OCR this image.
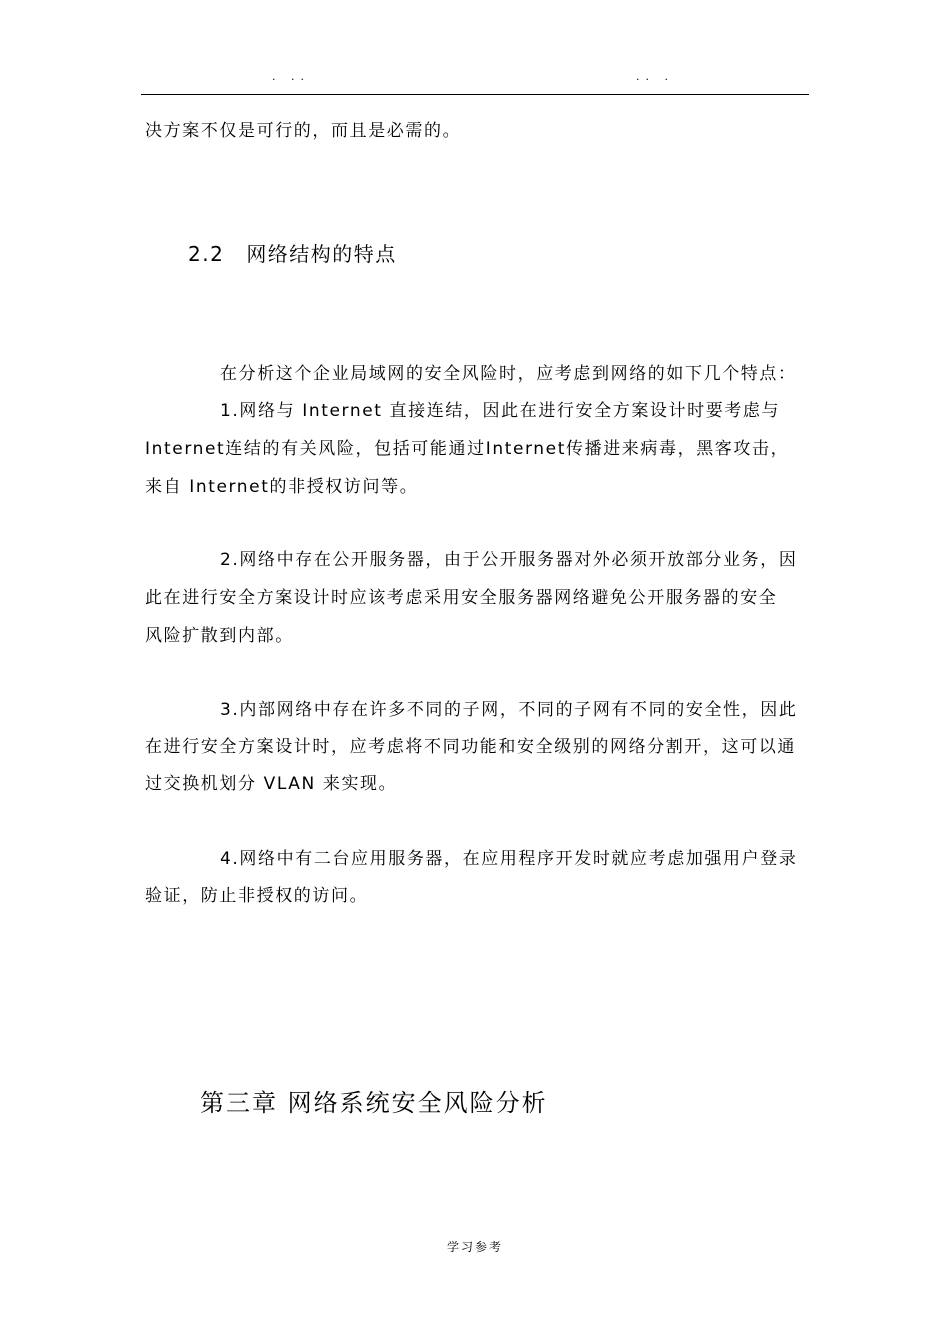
. ..	.. .
决方案不仅是可行的，而且是必需的。
2.2 网络结构的特点
在分析这个企业局域网的安全风险时，应考虑到网络的如下几个特点：
1.网络与 Internet 直接连结，因此在进行安全方案设计时要考虑与
Internet连结的有关风险，包括可能通过Internet传播进来病毒，黑客攻击，
来自 Internet的非授权访问等。
2.网络中存在公开服务器，由于公开服务器对外必须开放部分业务，因
此在进行安全方案设计时应该考虑采用安全服务器网络避免公开服务器的安全
风险扩散到内部。
3.内部网络中存在许多不同的子网，不同的子网有不同的安全性，因此
在进行安全方案设计时，应考虑将不同功能和安全级别的网络分割开，这可以通
过交换机划分 VLAN 来实现。
4.网络中有二台应用服务器，在应用程序开发时就应考虑加强用户登录
验证，防止非授权的访问。
第三章 网络系统安全风险分析
学习参考
